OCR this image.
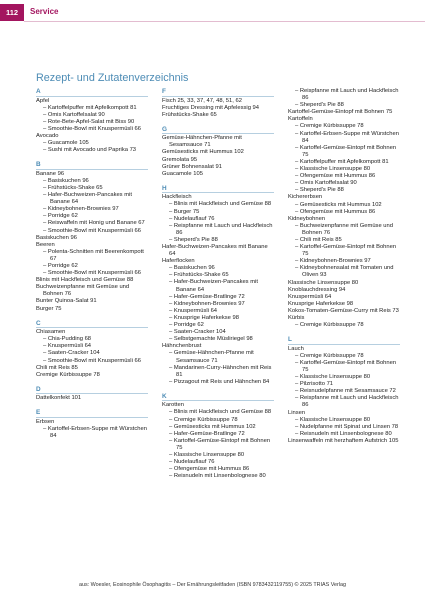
112	Service
Rezept- und Zutatenverzeichnis
A
Apfel
– Kartoffelpuffer mit Apfelkompott 81
– Omis Kartoffelsalat 90
– Rote-Bete-Apfel-Salat mit Biss 90
– Smoothie-Bowl mit Knuspermüsli 66
Avocado
– Guacamole 105
– Sushi mit Avocado und Paprika 73
B
Banane 96
– Basiskuchen 96
– Frühstücks-Shake 65
– Hafer-Buchweizen-Pancakes mit Banane 64
– Kidneybohnen-Brownies 97
– Porridge 62
– Reiswaffeln mit Honig und Banane 67
– Smoothie-Bowl mit Knuspermüsli 66
Basiskuchen 96
Beeren
– Polenta-Schnitten mit Beerenkompott 67
– Porridge 62
– Smoothie-Bowl mit Knuspermüsli 66
Blinis mit Hackfleisch und Gemüse 88
Buchweizenpfanne mit Gemüse und Bohnen 76
Bunter Quinoa-Salat 91
Burger 75
C
Chiasamen
– Chia-Pudding 68
– Knuspermüsli 64
– Saaten-Cracker 104
– Smoothie-Bowl mit Knuspermüsli 66
Chili mit Reis 85
Cremige Kürbissuppe 78
D
Dattelkonfekt 101
E
Erbsen
– Kartoffel-Erbsen-Suppe mit Würstchen 84
F
Fisch 25, 33, 37, 47, 48, 51, 62
Fruchtiges Dressing mit Apfelessig 94
Frühstücks-Shake 65
G
Gemüse-Hähnchen-Pfanne mit Sesamsauce 71
Gemüsesticks mit Hummus 102
Gremolata 95
Grüner Bohnensalat 91
Guacamole 105
H
Hackfleisch
– Blinis mit Hackfleisch und Gemüse 88
– Burger 75
– Nudelauflauf 76
– Reispfanne mit Lauch und Hackfleisch 86
– Sheperd's Pie 88
Hafer-Buchweizen-Pancakes mit Banane 64
Haferflocken
– Basiskuchen 96
– Frühstücks-Shake 65
– Hafer-Buchweizen-Pancakes mit Banane 64
– Hafer-Gemüse-Bratlinge 72
– Kidneybohnen-Brownies 97
– Knuspermüsli 64
– Knusprige Haferkekse 98
– Porridge 62
– Saaten-Cracker 104
– Selbstgemachte Müsliriegel 98
Hähnchenbrust
– Gemüse-Hähnchen-Pfanne mit Sesamsauce 71
– Mandarinen-Curry-Hähnchen mit Reis 81
– Pizzagout mit Reis und Hähnchen 84
K
Karotten
– Blinis mit Hackfleisch und Gemüse 88
– Cremige Kürbissuppe 78
– Gemüsesticks mit Hummus 102
– Hafer-Gemüse-Bratlinge 72
– Kartoffel-Gemüse-Eintopf mit Bohnen 75
– Klassische Linsensuppe 80
– Nudelauflauf 76
– Ofengemüse mit Hummus 86
– Reisnudeln mit Linsenbolognese 80
– Reispfanne mit Lauch und Hackfleisch 86
– Sheperd's Pie 88
Kartoffel-Gemüse-Eintopf mit Bohnen 75
Kartoffeln
– Cremige Kürbissuppe 78
– Kartoffel-Erbsen-Suppe mit Würstchen 84
– Kartoffel-Gemüse-Eintopf mit Bohnen 75
– Kartoffelpuffer mit Apfelkompott 81
– Klassische Linsensuppe 80
– Ofengemüse mit Hummus 86
– Omis Kartoffelsalat 90
– Sheperd's Pie 88
Kichererbsen
– Gemüsesticks mit Hummus 102
– Ofengemüse mit Hummus 86
Kidneybohnen
– Buchweizenpfanne mit Gemüse und Bohnen 76
– Chili mit Reis 85
– Kartoffel-Gemüse-Eintopf mit Bohnen 75
– Kidneybohnen-Brownies 97
– Kidneybohnensalat mit Tomaten und Oliven 93
Klassische Linsensuppe 80
Knoblauchdressing 94
Knuspermüsli 64
Knusprige Haferkekse 98
Kokos-Tomaten-Gemüse-Curry mit Reis 73
Kürbis
– Cremige Kürbissuppe 78
L
Lauch
– Cremige Kürbissuppe 78
– Kartoffel-Gemüse-Eintopf mit Bohnen 75
– Klassische Linsensuppe 80
– Pilzrisotto 71
– Reisnudelpfanne mit Sesamsauce 72
– Reispfanne mit Lauch und Hackfleisch 86
Linsen
– Klassische Linsensuppe 80
– Nudelpfanne mit Spinat und Linsen 78
– Reisnudeln mit Linsenbolognese 80
Linsenwaffeln mit herzhaftem Aufstrich 105
aus: Woesler, Eosinophile Ösophagitis – Der Ernährungsleitfaden (ISBN 9783432119755) © 2025 TRIAS Verlag
